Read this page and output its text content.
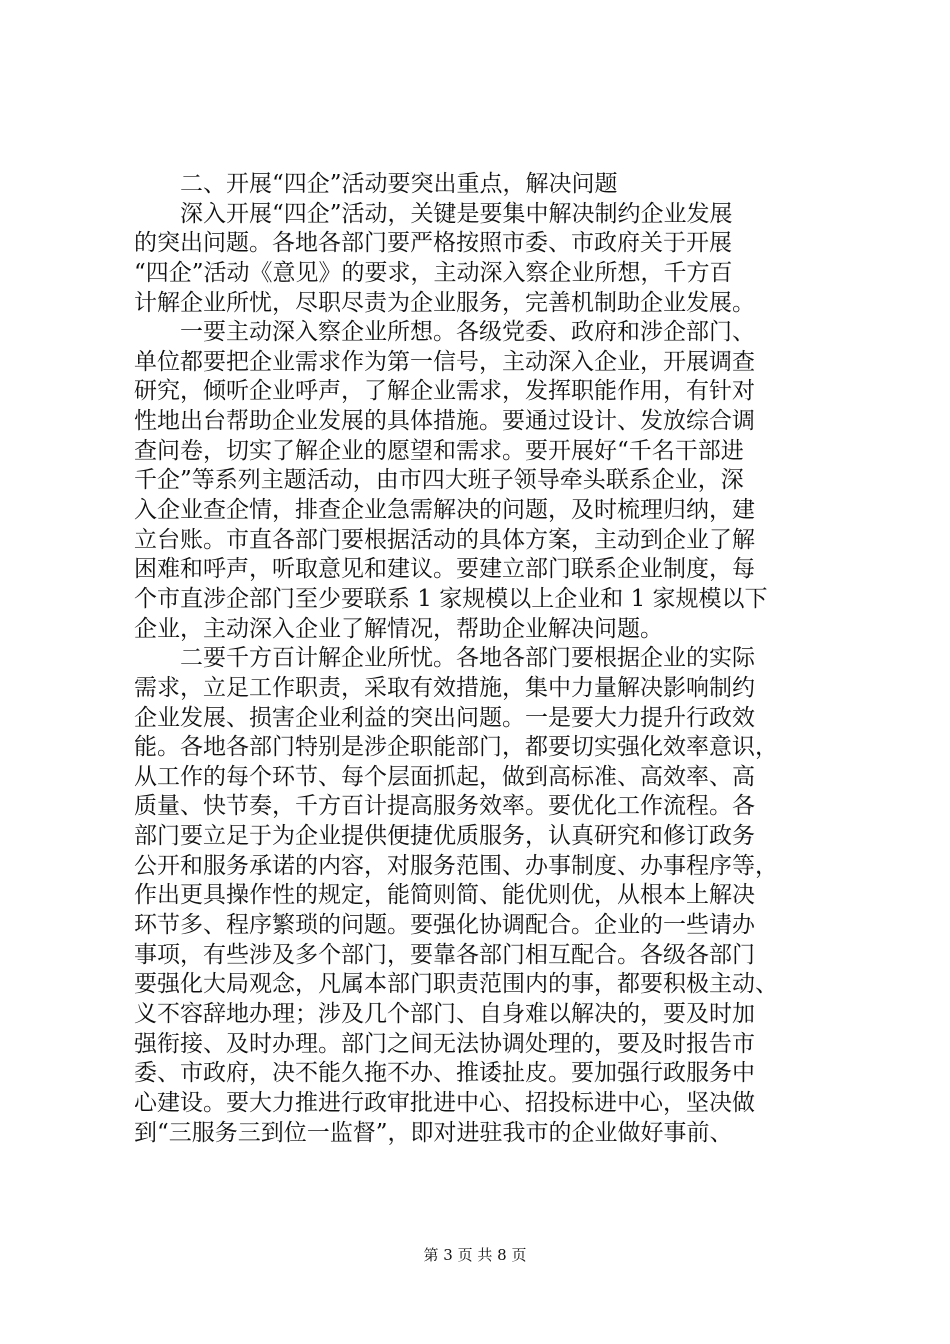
　　二、开展“四企”活动要突出重点，解决问题
　　深入开展“四企”活动，关键是要集中解决制约企业发展
的突出问题。各地各部门要严格按照市委、市政府关于开展
“四企”活动《意见》的要求，主动深入察企业所想，千方百
计解企业所忧，尽职尽责为企业服务，完善机制助企业发展。
　　一要主动深入察企业所想。各级党委、政府和涉企部门、
单位都要把企业需求作为第一信号，主动深入企业，开展调查
研究，倾听企业呼声，了解企业需求，发挥职能作用，有针对
性地出台帮助企业发展的具体措施。要通过设计、发放综合调
查问卷，切实了解企业的愿望和需求。要开展好“千名干部进
千企”等系列主题活动，由市四大班子领导牵头联系企业，深
入企业查企情，排查企业急需解决的问题，及时梳理归纳，建
立台账。市直各部门要根据活动的具体方案，主动到企业了解
困难和呼声，听取意见和建议。要建立部门联系企业制度，每
个市直涉企部门至少要联系 1 家规模以上企业和 1 家规模以下
企业，主动深入企业了解情况，帮助企业解决问题。
　　二要千方百计解企业所忧。各地各部门要根据企业的实际
需求，立足工作职责，采取有效措施，集中力量解决影响制约
企业发展、损害企业利益的突出问题。一是要大力提升行政效
能。各地各部门特别是涉企职能部门，都要切实强化效率意识，
从工作的每个环节、每个层面抓起，做到高标准、高效率、高
质量、快节奏，千方百计提高服务效率。要优化工作流程。各
部门要立足于为企业提供便捷优质服务，认真研究和修订政务
公开和服务承诺的内容，对服务范围、办事制度、办事程序等，
作出更具操作性的规定，能简则简、能优则优，从根本上解决
环节多、程序繁琐的问题。要强化协调配合。企业的一些请办
事项，有些涉及多个部门，要靠各部门相互配合。各级各部门
要强化大局观念，凡属本部门职责范围内的事，都要积极主动、
义不容辞地办理；涉及几个部门、自身难以解决的，要及时加
强衔接、及时办理。部门之间无法协调处理的，要及时报告市
委、市政府，决不能久拖不办、推诿扯皮。要加强行政服务中
心建设。要大力推进行政审批进中心、招投标进中心，坚决做
到“三服务三到位一监督”，即对进驻我市的企业做好事前、
第 3 页 共 8 页
